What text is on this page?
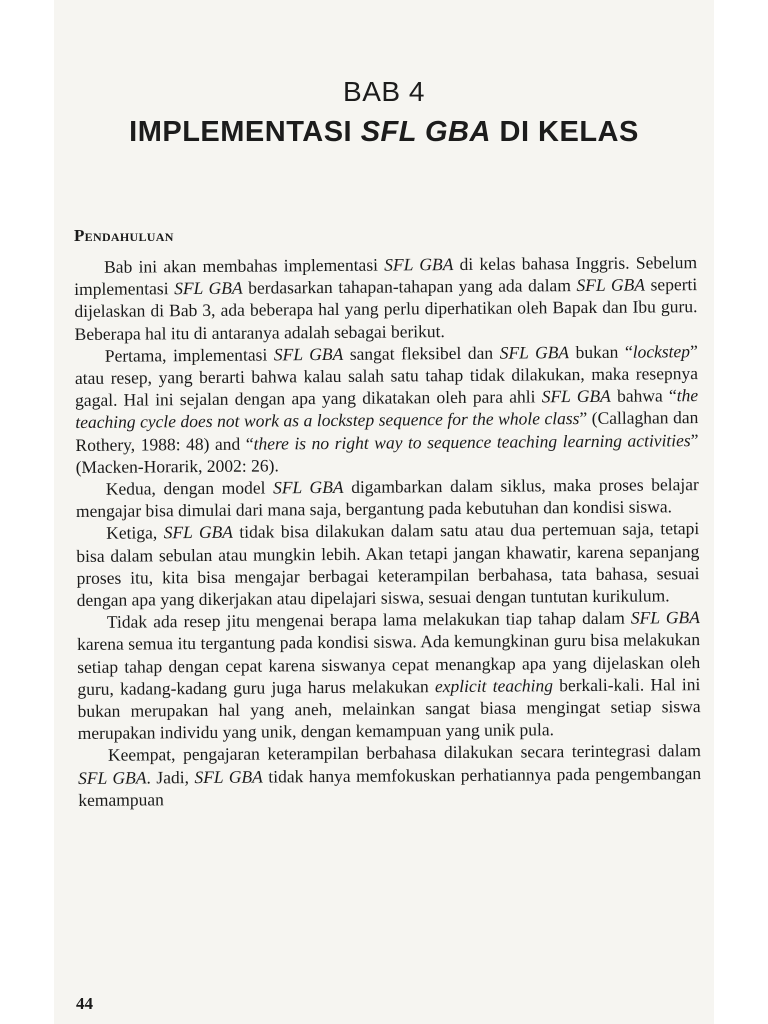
BAB 4
IMPLEMENTASI SFL GBA DI KELAS
Pendahuluan

Bab ini akan membahas implementasi SFL GBA di kelas bahasa Inggris. Sebelum implementasi SFL GBA berdasarkan tahapan-tahapan yang ada dalam SFL GBA seperti dijelaskan di Bab 3, ada beberapa hal yang perlu diperhatikan oleh Bapak dan Ibu guru. Beberapa hal itu di antaranya adalah sebagai berikut.

Pertama, implementasi SFL GBA sangat fleksibel dan SFL GBA bukan “lockstep” atau resep, yang berarti bahwa kalau salah satu tahap tidak dilakukan, maka resepnya gagal. Hal ini sejalan dengan apa yang dikatakan oleh para ahli SFL GBA bahwa “the teaching cycle does not work as a lockstep sequence for the whole class” (Callaghan dan Rothery, 1988: 48) and “there is no right way to sequence teaching learning activities” (Macken-Horarik, 2002: 26).

Kedua, dengan model SFL GBA digambarkan dalam siklus, maka proses belajar mengajar bisa dimulai dari mana saja, bergantung pada kebutuhan dan kondisi siswa.

Ketiga, SFL GBA tidak bisa dilakukan dalam satu atau dua pertemuan saja, tetapi bisa dalam sebulan atau mungkin lebih. Akan tetapi jangan khawatir, karena sepanjang proses itu, kita bisa mengajar berbagai keterampilan berbahasa, tata bahasa, sesuai dengan apa yang dikerjakan atau dipelajari siswa, sesuai dengan tuntutan kurikulum.

Tidak ada resep jitu mengenai berapa lama melakukan tiap tahap dalam SFL GBA karena semua itu tergantung pada kondisi siswa. Ada kemungkinan guru bisa melakukan setiap tahap dengan cepat karena siswanya cepat menangkap apa yang dijelaskan oleh guru, kadang-kadang guru juga harus melakukan explicit teaching berkali-kali. Hal ini bukan merupakan hal yang aneh, melainkan sangat biasa mengingat setiap siswa merupakan individu yang unik, dengan kemampuan yang unik pula.

Keempat, pengajaran keterampilan berbahasa dilakukan secara terintegrasi dalam SFL GBA. Jadi, SFL GBA tidak hanya memfokuskan perhatiannya pada pengembangan kemampuan

44
